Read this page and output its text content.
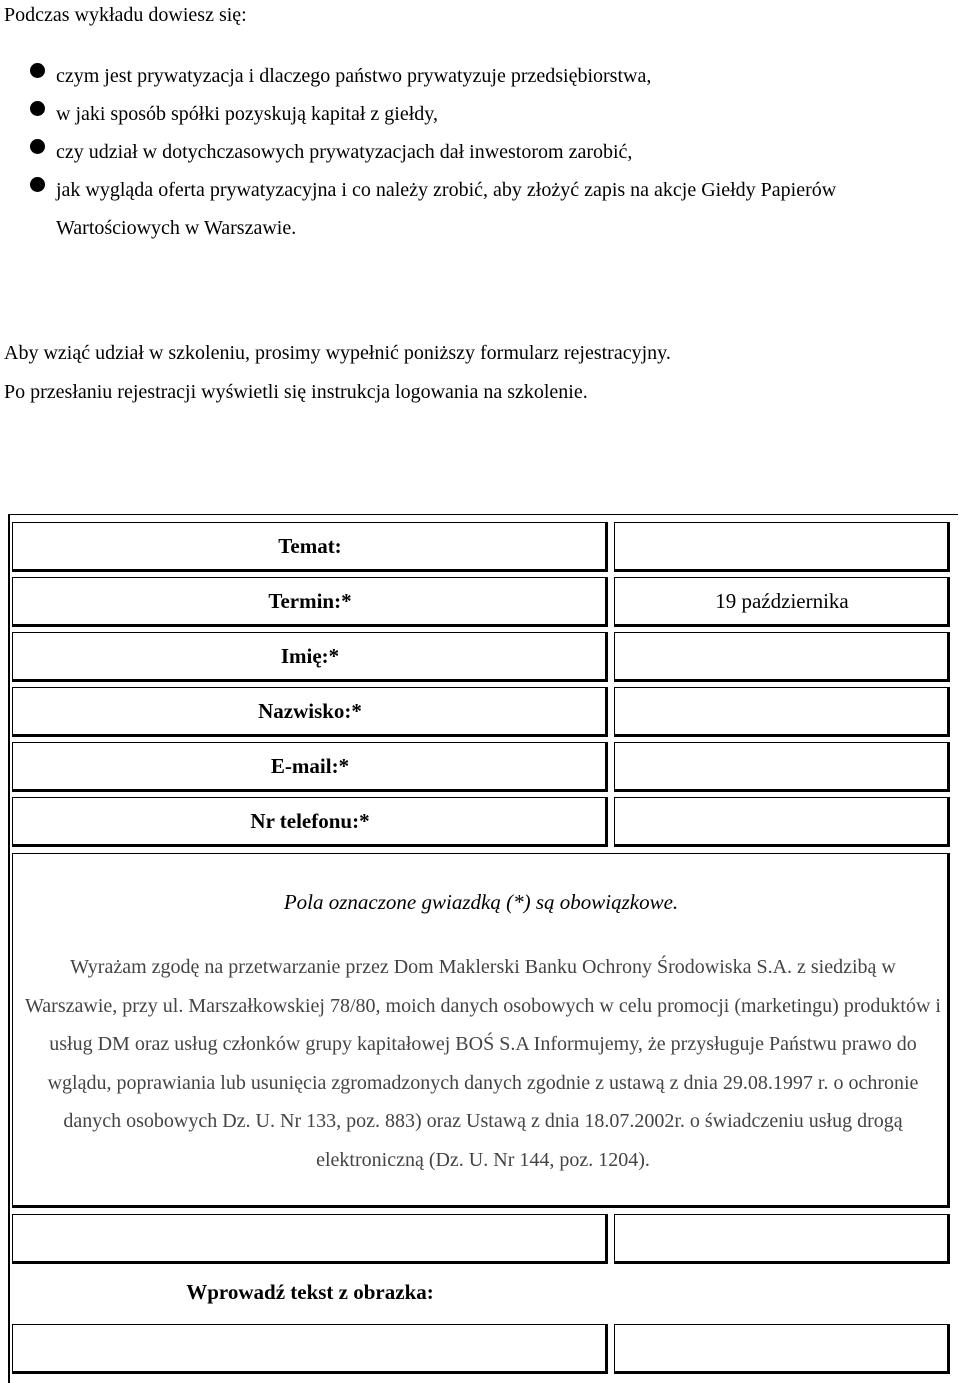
Podczas wykładu dowiesz się:
czym jest prywatyzacja i dlaczego państwo prywatyzuje przedsiębiorstwa,
w jaki sposób spółki pozyskują kapitał z giełdy,
czy udział w dotychczasowych prywatyzacjach dał inwestorom zarobić,
jak wygląda oferta prywatyzacyjna i co należy zrobić, aby złożyć zapis na akcje Giełdy Papierów Wartościowych w Warszawie.
Aby wziąć udział w szkoleniu, prosimy wypełnić poniższy formularz rejestracyjny.
Po przesłaniu rejestracji wyświetli się instrukcja logowania na szkolenie.
Temat:
Termin:*	19 października
Imię:*
Nazwisko:*
E-mail:*
Nr telefonu:*
Pola oznaczone gwiazdką (*) są obowiązkowe.
Wyrażam zgodę na przetwarzanie przez Dom Maklerski Banku Ochrony Środowiska S.A. z siedzibą w Warszawie, przy ul. Marszałkowskiej 78/80, moich danych osobowych w celu promocji (marketingu) produktów i usług DM oraz usług członków grupy kapitałowej BOŚ S.A Informujemy, że przysługuje Państwu prawo do wglądu, poprawiania lub usunięcia zgromadzonych danych zgodnie z ustawą z dnia 29.08.1997 r. o ochronie danych osobowych Dz. U. Nr 133, poz. 883) oraz Ustawą z dnia 18.07.2002r. o świadczeniu usług drogą elektroniczną (Dz. U. Nr 144, poz. 1204).
Wprowadź tekst z obrazka:
